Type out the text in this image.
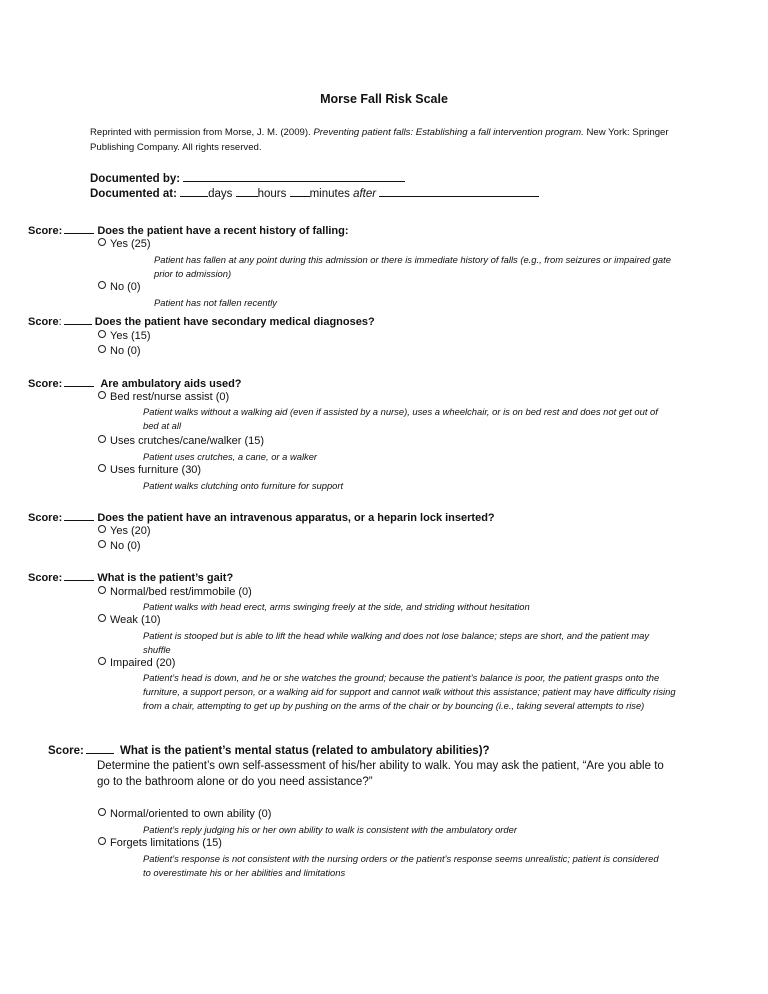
Morse Fall Risk Scale
Reprinted with permission from Morse, J. M. (2009). Preventing patient falls: Establishing a fall intervention program. New York: Springer Publishing Company. All rights reserved.
Documented by:
Documented at:	days hours minutes after
Score:	Does the patient have a recent history of falling:
Yes (25)
Patient has fallen at any point during this admission or there is immediate history of falls (e.g., from seizures or impaired gate prior to admission)
No (0)
Patient has not fallen recently
Score:	Does the patient have secondary medical diagnoses?
Yes (15)
No (0)
Score:	Are ambulatory aids used?
Bed rest/nurse assist (0)
Patient walks without a walking aid (even if assisted by a nurse), uses a wheelchair, or is on bed rest and does not get out of bed at all
Uses crutches/cane/walker (15)
Patient uses crutches, a cane, or a walker
Uses furniture (30)
Patient walks clutching onto furniture for support
Score:	Does the patient have an intravenous apparatus, or a heparin lock inserted?
Yes (20)
No (0)
Score:	What is the patient’s gait?
Normal/bed rest/immobile (0)
Patient walks with head erect, arms swinging freely at the side, and striding without hesitation
Weak (10)
Patient is stooped but is able to lift the head while walking and does not lose balance; steps are short, and the patient may shuffle
Impaired (20)
Patient’s head is down, and he or she watches the ground; because the patient’s balance is poor, the patient grasps onto the furniture, a support person, or a walking aid for support and cannot walk without this assistance; patient may have difficulty rising from a chair, attempting to get up by pushing on the arms of the chair or by bouncing (i.e., taking several attempts to rise)
Score:	What is the patient’s mental status (related to ambulatory abilities)?
Determine the patient’s own self-assessment of his/her ability to walk. You may ask the patient, “Are you able to go to the bathroom alone or do you need assistance?”
Normal/oriented to own ability (0)
Patient’s reply judging his or her own ability to walk is consistent with the ambulatory order
Forgets limitations (15)
Patient’s response is not consistent with the nursing orders or the patient’s response seems unrealistic; patient is considered to overestimate his or her abilities and limitations
